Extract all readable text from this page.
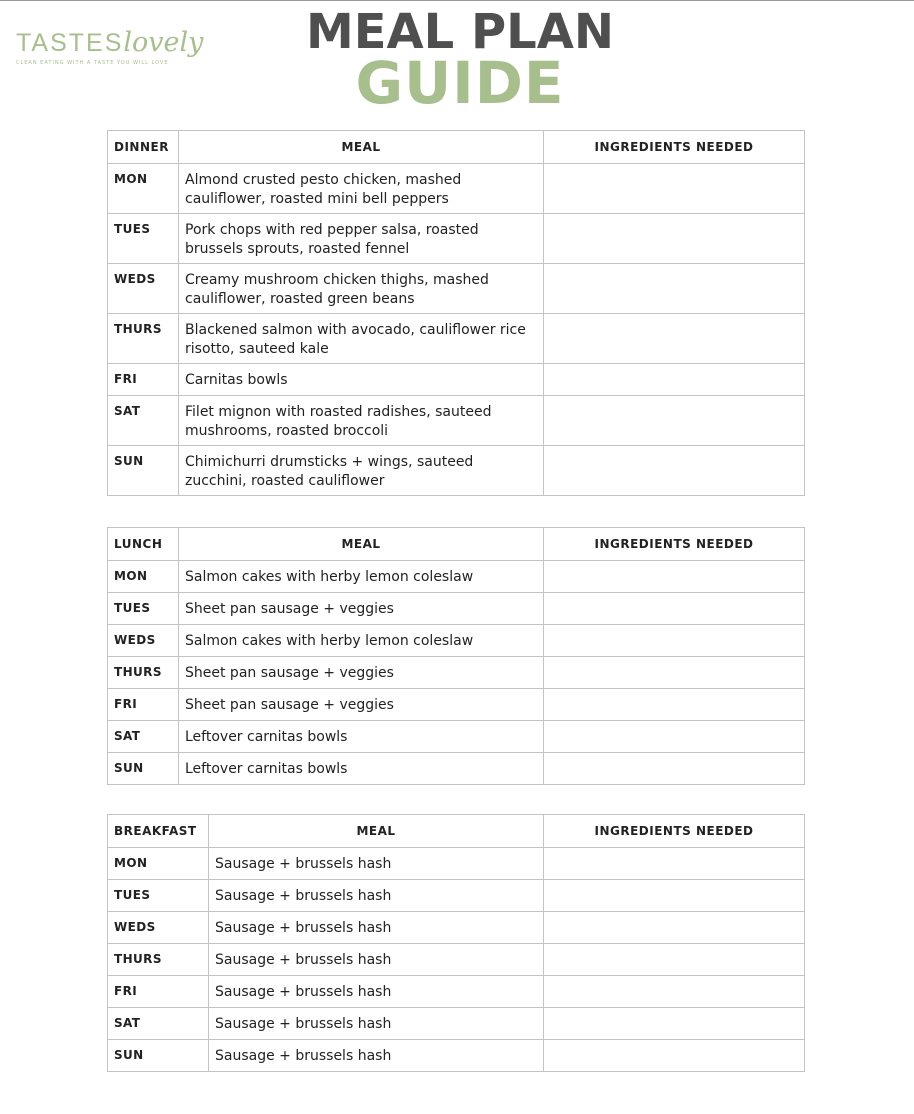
TASTESlovely
CLEAN EATING WITH A TASTE YOU WILL LOVE
MEAL PLAN
GUIDE
DINNER	MEAL	INGREDIENTS NEEDED
MON	Almond crusted pesto chicken, mashed cauliflower, roasted mini bell peppers	
TUES	Pork chops with red pepper salsa, roasted brussels sprouts, roasted fennel	
WEDS	Creamy mushroom chicken thighs, mashed cauliflower, roasted green beans	
THURS	Blackened salmon with avocado, cauliflower rice risotto, sauteed kale	
FRI	Carnitas bowls	
SAT	Filet mignon with roasted radishes, sauteed mushrooms, roasted broccoli	
SUN	Chimichurri drumsticks + wings, sauteed zucchini, roasted cauliflower	
LUNCH	MEAL	INGREDIENTS NEEDED
MON	Salmon cakes with herby lemon coleslaw	
TUES	Sheet pan sausage + veggies	
WEDS	Salmon cakes with herby lemon coleslaw	
THURS	Sheet pan sausage + veggies	
FRI	Sheet pan sausage + veggies	
SAT	Leftover carnitas bowls	
SUN	Leftover carnitas bowls	
BREAKFAST	MEAL	INGREDIENTS NEEDED
MON	Sausage + brussels hash	
TUES	Sausage + brussels hash	
WEDS	Sausage + brussels hash	
THURS	Sausage + brussels hash	
FRI	Sausage + brussels hash	
SAT	Sausage + brussels hash	
SUN	Sausage + brussels hash	
